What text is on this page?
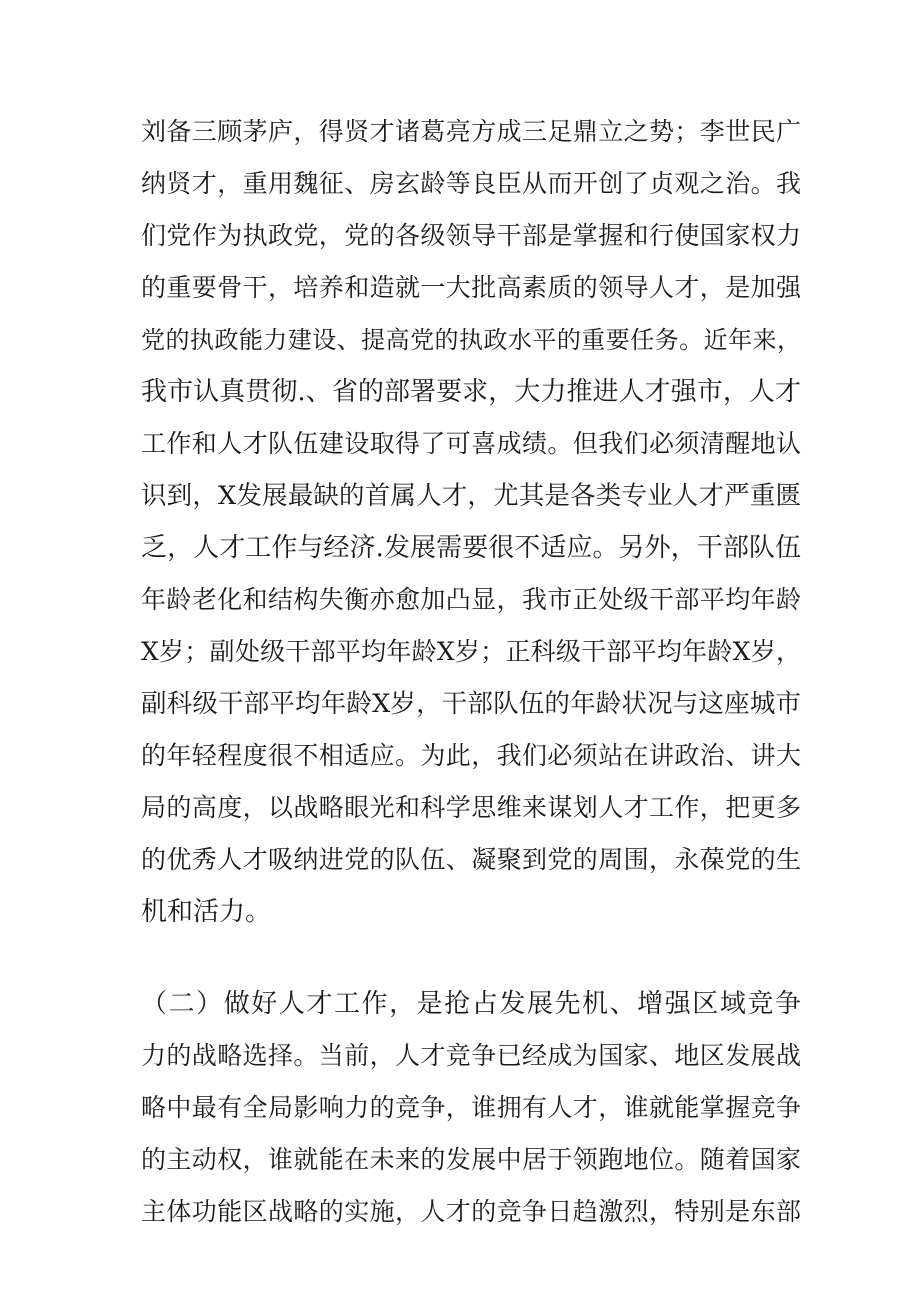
刘备三顾茅庐，得贤才诸葛亮方成三足鼎立之势；李世民广
纳贤才，重用魏征、房玄龄等良臣从而开创了贞观之治。我
们党作为执政党，党的各级领导干部是掌握和行使国家权力
的重要骨干，培养和造就一大批高素质的领导人才，是加强
党的执政能力建设、提高党的执政水平的重要任务。近年来，
我市认真贯彻.、省的部署要求，大力推进人才强市，人才
工作和人才队伍建设取得了可喜成绩。但我们必须清醒地认
识到，X发展最缺的首属人才，尤其是各类专业人才严重匮
乏，人才工作与经济.发展需要很不适应。另外，干部队伍
年龄老化和结构失衡亦愈加凸显，我市正处级干部平均年龄
X岁；副处级干部平均年龄X岁；正科级干部平均年龄X岁，
副科级干部平均年龄X岁，干部队伍的年龄状况与这座城市
的年轻程度很不相适应。为此，我们必须站在讲政治、讲大
局的高度，以战略眼光和科学思维来谋划人才工作，把更多
的优秀人才吸纳进党的队伍、凝聚到党的周围，永葆党的生
机和活力。
（二）做好人才工作，是抢占发展先机、增强区域竞争
力的战略选择。当前，人才竞争已经成为国家、地区发展战
略中最有全局影响力的竞争，谁拥有人才，谁就能掌握竞争
的主动权，谁就能在未来的发展中居于领跑地位。随着国家
主体功能区战略的实施，人才的竞争日趋激烈，特别是东部
